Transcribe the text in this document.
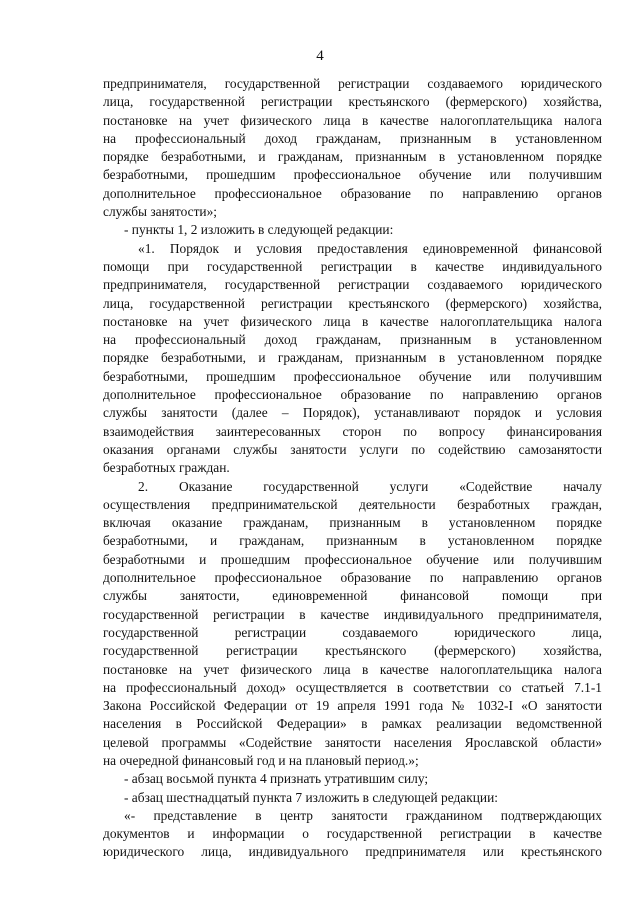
4
предпринимателя, государственной регистрации создаваемого юридического
лица, государственной регистрации крестьянского (фермерского) хозяйства,
постановке на учет физического лица в качестве налогоплательщика налога
на профессиональный доход гражданам, признанным в установленном
порядке безработными, и гражданам, признанным в установленном порядке
безработными, прошедшим профессиональное обучение или получившим
дополнительное профессиональное образование по направлению органов
службы занятости»;
- пункты 1, 2 изложить в следующей редакции:
«1. Порядок и условия предоставления единовременной финансовой
помощи при государственной регистрации в качестве индивидуального
предпринимателя, государственной регистрации создаваемого юридического
лица, государственной регистрации крестьянского (фермерского) хозяйства,
постановке на учет физического лица в качестве налогоплательщика налога
на профессиональный доход гражданам, признанным в установленном
порядке безработными, и гражданам, признанным в установленном порядке
безработными, прошедшим профессиональное обучение или получившим
дополнительное профессиональное образование по направлению органов
службы занятости (далее – Порядок), устанавливают порядок и условия
взаимодействия заинтересованных сторон по вопросу финансирования
оказания органами службы занятости услуги по содействию самозанятости
безработных граждан.
2. Оказание государственной услуги «Содействие началу
осуществления предпринимательской деятельности безработных граждан,
включая оказание гражданам, признанным в установленном порядке
безработными, и гражданам, признанным в установленном порядке
безработными и прошедшим профессиональное обучение или получившим
дополнительное профессиональное образование по направлению органов
службы занятости, единовременной финансовой помощи при
государственной регистрации в качестве индивидуального предпринимателя,
государственной регистрации создаваемого юридического лица,
государственной регистрации крестьянского (фермерского) хозяйства,
постановке на учет физического лица в качестве налогоплательщика налога
на профессиональный доход» осуществляется в соответствии со статьей 7.1-1
Закона Российской Федерации от 19 апреля 1991 года № 1032-I «О занятости
населения в Российской Федерации» в рамках реализации ведомственной
целевой программы «Содействие занятости населения Ярославской области»
на очередной финансовый год и на плановый период.»;
- абзац восьмой пункта 4 признать утратившим силу;
- абзац шестнадцатый пункта 7 изложить в следующей редакции:
«- представление в центр занятости гражданином подтверждающих
документов и информации о государственной регистрации в качестве
юридического лица, индивидуального предпринимателя или крестьянского
